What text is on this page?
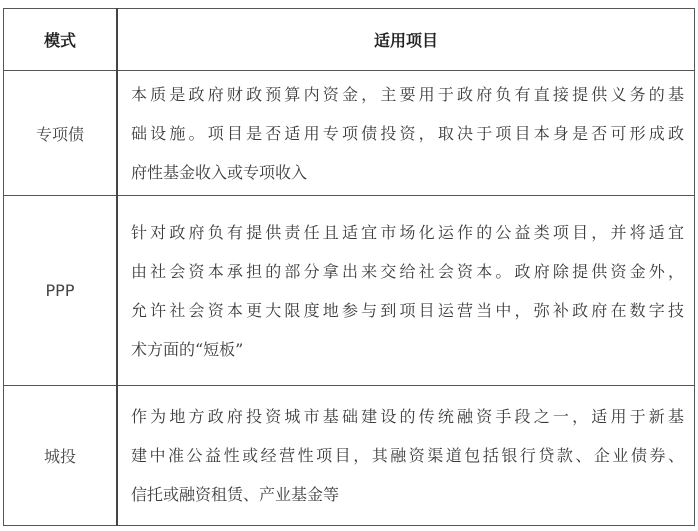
模式	适用项目
专项债	本质是政府财政预算内资金，主要用于政府负有直接提供义务的基
础设施。项目是否适用专项债投资，取决于项目本身是否可形成政
府性基金收入或专项收入

PPP	针对政府负有提供责任且适宜市场化运作的公益类项目，并将适宜
由社会资本承担的部分拿出来交给社会资本。政府除提供资金外，
允许社会资本更大限度地参与到项目运营当中，弥补政府在数字技
术方面的“短板”

城投	作为地方政府投资城市基础建设的传统融资手段之一，适用于新基
建中准公益性或经营性项目，其融资渠道包括银行贷款、企业债券、
信托或融资租赁、产业基金等
